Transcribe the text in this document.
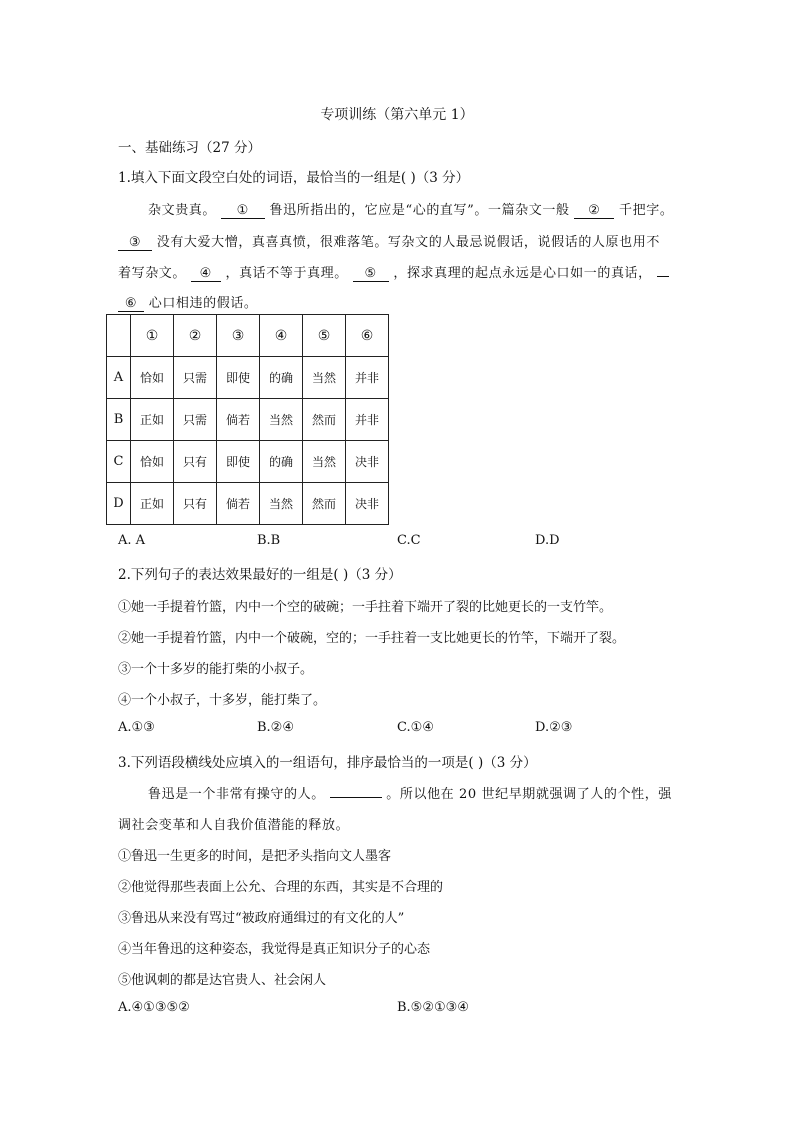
专项训练（第六单元 1）
一、基础练习（27 分）
1.填入下面文段空白处的词语，最恰当的一组是( )（3 分）
杂文贵真。 ① 鲁迅所指出的，它应是“心的直写”。一篇杂文一般 ② 千把字。
③ 没有大爱大憎，真喜真愤，很难落笔。写杂文的人最忌说假话，说假话的人原也用不
着写杂文。 ④ ，真话不等于真理。 ⑤ ，探求真理的起点永远是心口如一的真话，
⑥ 心口相违的假话。
	①	②	③	④	⑤	⑥
A	恰如	只需	即使	的确	当然	并非
B	正如	只需	倘若	当然	然而	并非
C	恰如	只有	即使	的确	当然	决非
D	正如	只有	倘若	当然	然而	决非
A. A	B.B	C.C	D.D
2.下列句子的表达效果最好的一组是( )（3 分）
①她一手提着竹篮，内中一个空的破碗；一手拄着下端开了裂的比她更长的一支竹竿。
②她一手提着竹篮，内中一个破碗，空的；一手拄着一支比她更长的竹竿，下端开了裂。
③一个十多岁的能打柴的小叔子。
④一个小叔子，十多岁，能打柴了。
A.①③	B.②④	C.①④	D.②③
3.下列语段横线处应填入的一组语句，排序最恰当的一项是( )（3 分）
鲁迅是一个非常有操守的人。	。所以他在 20 世纪早期就强调了人的个性，强
调社会变革和人自我价值潜能的释放。
①鲁迅一生更多的时间，是把矛头指向文人墨客
②他觉得那些表面上公允、合理的东西，其实是不合理的
③鲁迅从来没有骂过“被政府通缉过的有文化的人”
④当年鲁迅的这种姿态，我觉得是真正知识分子的心态
⑤他讽刺的都是达官贵人、社会闲人
A.④①③⑤②	B.⑤②①③④
